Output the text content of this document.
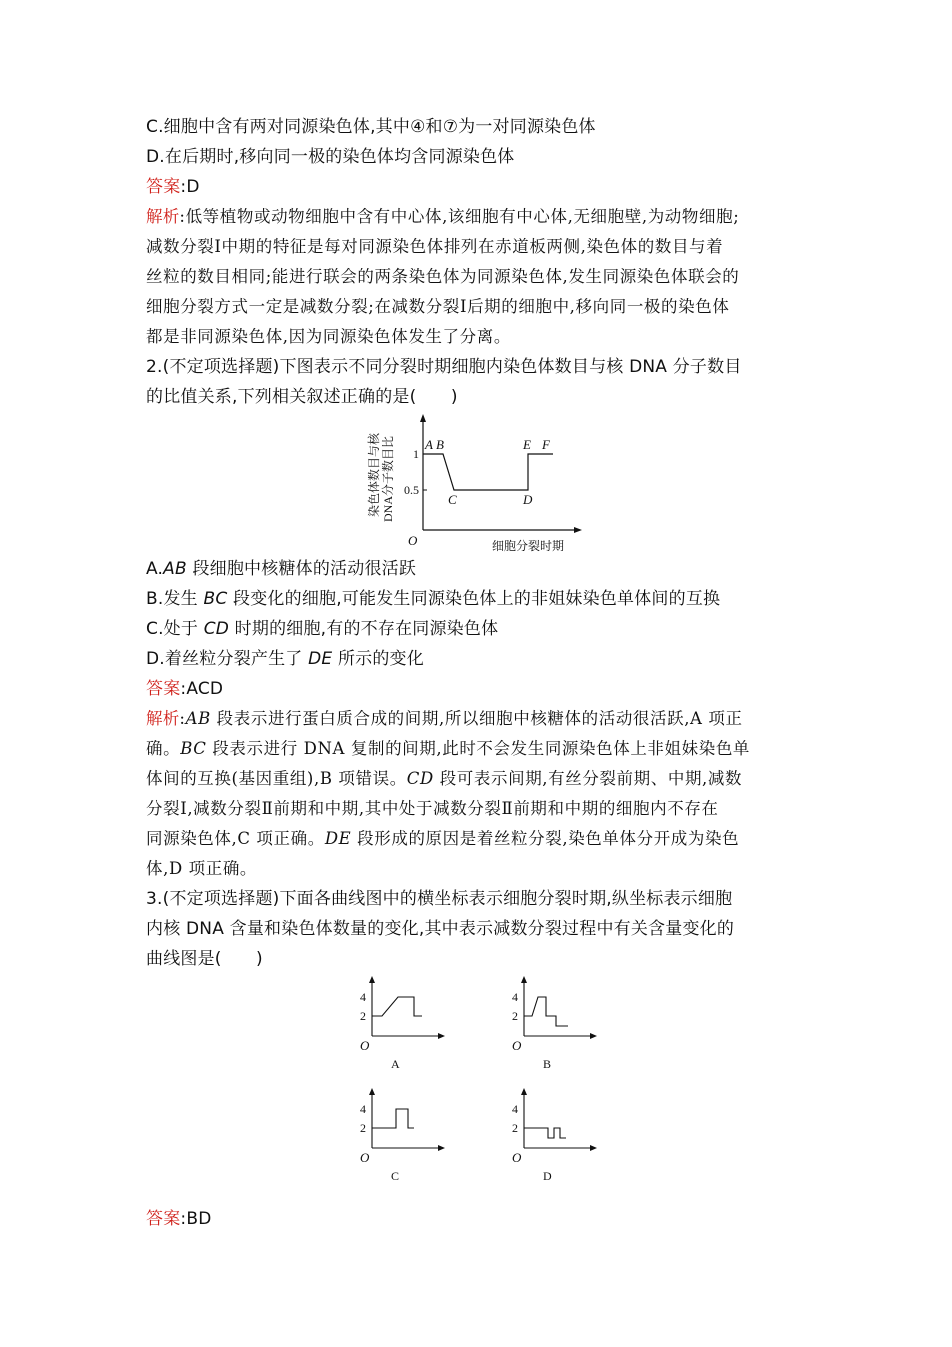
C.细胞中含有两对同源染色体,其中④和⑦为一对同源染色体
D.在后期时,移向同一极的染色体均含同源染色体
答案:D
解析:低等植物或动物细胞中含有中心体,该细胞有中心体,无细胞壁,为动物细胞;
减数分裂Ⅰ中期的特征是每对同源染色体排列在赤道板两侧,染色体的数目与着
丝粒的数目相同;能进行联会的两条染色体为同源染色体,发生同源染色体联会的
细胞分裂方式一定是减数分裂;在减数分裂Ⅰ后期的细胞中,移向同一极的染色体
都是非同源染色体,因为同源染色体发生了分离。
2.(不定项选择题)下图表示不同分裂时期细胞内染色体数目与核 DNA 分子数目
的比值关系,下列相关叙述正确的是(　　)
染色体数目与核 DNA分子数目比
O
1
0.5
A B
C	D
E F
细胞分裂时期
A.AB 段细胞中核糖体的活动很活跃
B.发生 BC 段变化的细胞,可能发生同源染色体上的非姐妹染色单体间的互换
C.处于 CD 时期的细胞,有的不存在同源染色体
D.着丝粒分裂产生了 DE 所示的变化
答案:ACD
解析:AB 段表示进行蛋白质合成的间期,所以细胞中核糖体的活动很活跃,A 项正
确。BC 段表示进行 DNA 复制的间期,此时不会发生同源染色体上非姐妹染色单
体间的互换(基因重组),B 项错误。CD 段可表示间期,有丝分裂前期、中期,减数
分裂Ⅰ,减数分裂Ⅱ前期和中期,其中处于减数分裂Ⅱ前期和中期的细胞内不存在
同源染色体,C 项正确。DE 段形成的原因是着丝粒分裂,染色单体分开成为染色
体,D 项正确。
3.(不定项选择题)下面各曲线图中的横坐标表示细胞分裂时期,纵坐标表示细胞
内核 DNA 含量和染色体数量的变化,其中表示减数分裂过程中有关含量变化的
曲线图是(　　)
4
2
O
A
4
2
O
B
4
2
O
C
4
2
O
D
答案:BD
